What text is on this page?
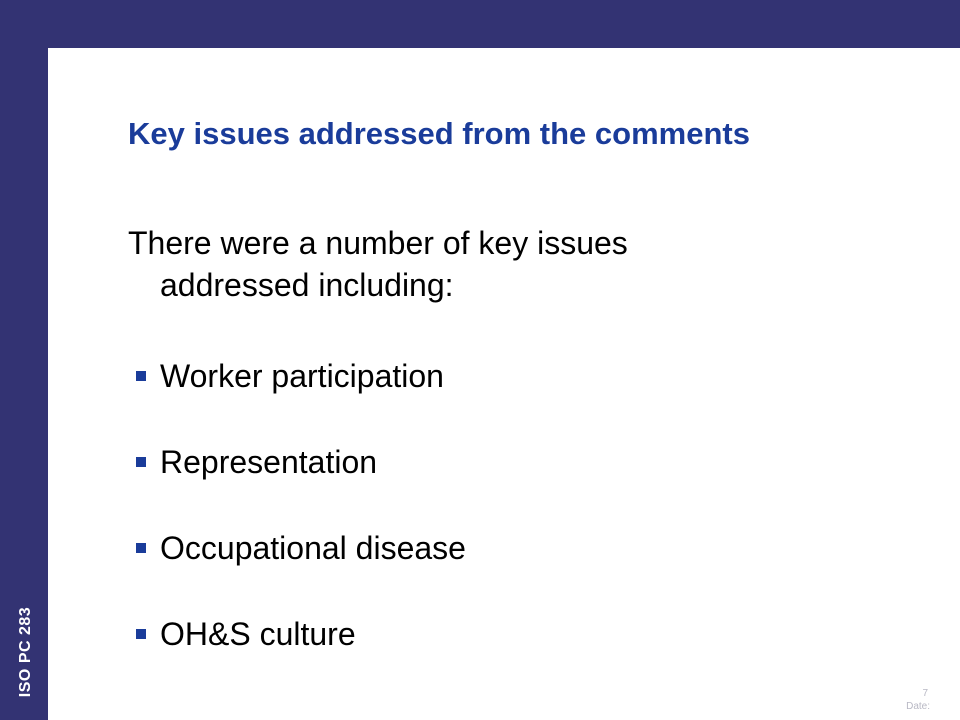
ISO PC 283
Key issues addressed from the comments
There were a number of key issues
addressed including:
Worker participation
Representation
Occupational disease
OH&S culture
7
Date:
